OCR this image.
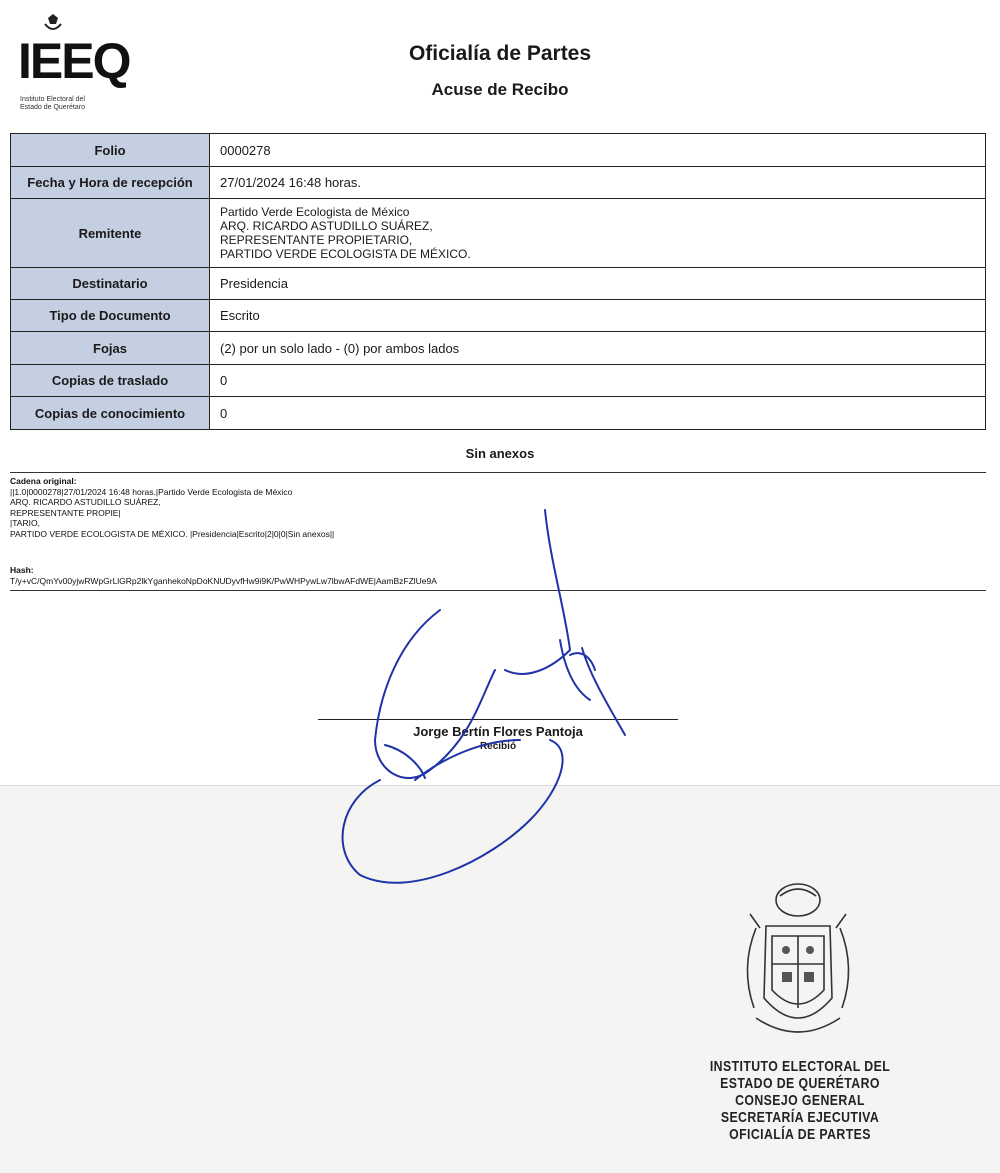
IEEQ
Instituto Electoral del
Estado de Querétaro
Oficialía de Partes
Acuse de Recibo
Folio	0000278
Fecha y Hora de recepción	27/01/2024 16:48 horas.
Remitente	Partido Verde Ecologista de México
ARQ. RICARDO ASTUDILLO SUÁREZ,
REPRESENTANTE PROPIETARIO,
PARTIDO VERDE ECOLOGISTA DE MÉXICO.

Destinatario	Presidencia
Tipo de Documento	Escrito
Fojas	(2) por un solo lado - (0) por ambos lados
Copias de traslado	0
Copias de conocimiento	0
Sin anexos
Cadena original:
||1.0|0000278|27/01/2024 16:48 horas.|Partido Verde Ecologista de México
ARQ. RICARDO ASTUDILLO SUÁREZ,
REPRESENTANTE PROPIE|
|TARIO,
PARTIDO VERDE ECOLOGISTA DE MÉXICO. |Presidencia|Escrito|2|0|0|Sin anexos||
Hash:
T/y+vC/QmYv00yjwRWpGrLlGRp2lkYganhekoNpDoKNUDyvfHw9i9K/PwWHPywLw7lbwAFdWE|AamBzFZlUe9A
Jorge Bertín Flores Pantoja
Recibió
INSTITUTO ELECTORAL DEL
ESTADO DE QUERÉTARO
CONSEJO GENERAL
SECRETARÍA EJECUTIVA
OFICIALÍA DE PARTES
